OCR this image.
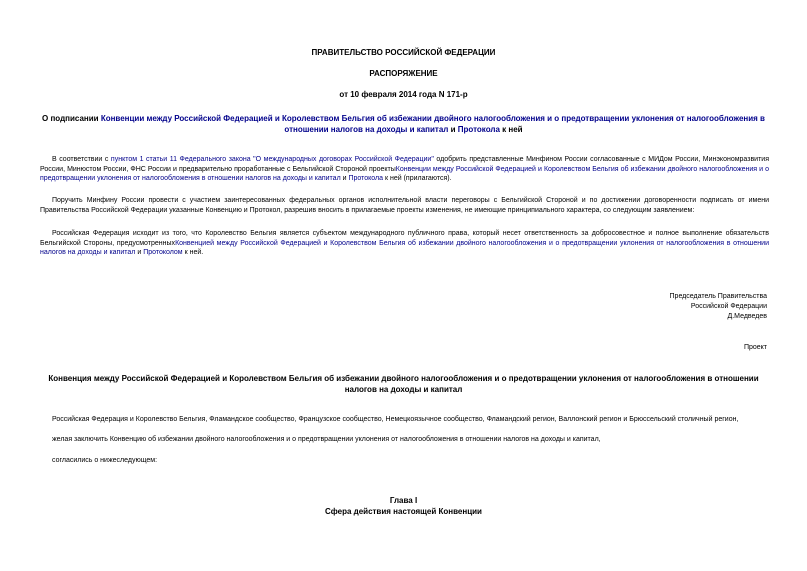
ПРАВИТЕЛЬСТВО РОССИЙСКОЙ ФЕДЕРАЦИИ
РАСПОРЯЖЕНИЕ
от 10 февраля 2014 года N 171-р
О подписании Конвенции между Российской Федерацией и Королевством Бельгия об избежании двойного налогообложения и о предотвращении уклонения от налогообложения в отношении налогов на доходы и капитал и Протокола к ней
В соответствии с пунктом 1 статьи 11 Федерального закона "О международных договорах Российской Федерации" одобрить представленные Минфином России согласованные с МИДом России, Минэкономразвития России, Минюстом России, ФНС России и предварительно проработанные с Бельгийской Стороной проектыКонвенции между Российской Федерацией и Королевством Бельгия об избежании двойного налогообложения и о предотвращении уклонения от налогообложения в отношении налогов на доходы и капитал и Протокола к ней (прилагаются).
Поручить Минфину России провести с участием заинтересованных федеральных органов исполнительной власти переговоры с Бельгийской Стороной и по достижении договоренности подписать от имени Правительства Российской Федерации указанные Конвенцию и Протокол, разрешив вносить в прилагаемые проекты изменения, не имеющие принципиального характера, со следующим заявлением:
Российская Федерация исходит из того, что Королевство Бельгия является субъектом международного публичного права, который несет ответственность за добросовестное и полное выполнение обязательств Бельгийской Стороны, предусмотренныхКонвенцией между Российской Федерацией и Королевством Бельгия об избежании двойного налогообложения и о предотвращении уклонения от налогообложения в отношении налогов на доходы и капитал и Протоколом к ней.
Председатель Правительства
Российской Федерации
Д.Медведев
Проект
Конвенция между Российской Федерацией и Королевством Бельгия об избежании двойного налогообложения и о предотвращении уклонения от налогообложения в отношении налогов на доходы и капитал
Российская Федерация и Королевство Бельгия, Фламандское сообщество, Французское сообщество, Немецкоязычное сообщество, Фламандский регион, Валлонский регион и Брюссельский столичный регион,
желая заключить Конвенцию об избежании двойного налогообложения и о предотвращении уклонения от налогообложения в отношении налогов на доходы и капитал,
согласились о нижеследующем:
Глава I
Сфера действия настоящей Конвенции
